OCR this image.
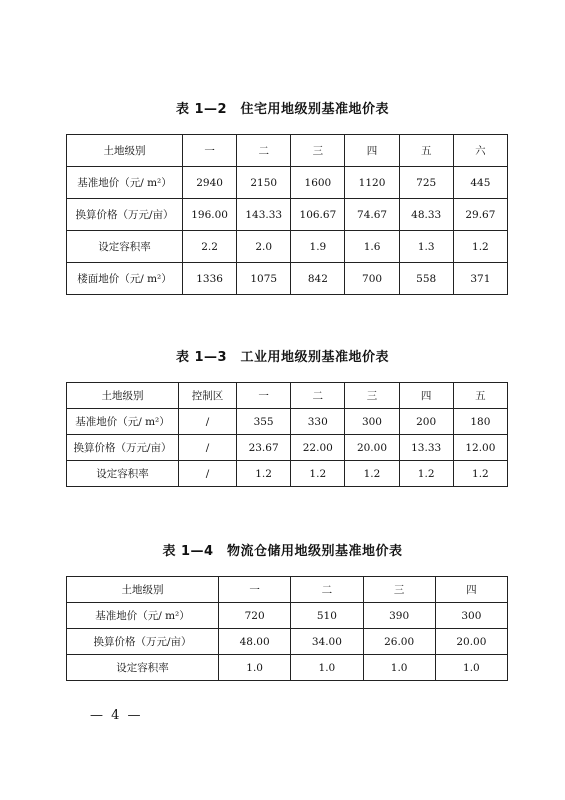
表 1—2　住宅用地级别基准地价表
土地级别	一	二	三	四	五	六
基准地价（元/ m²）	2940	2150	1600	1120	725	445
换算价格（万元/亩）	196.00	143.33	106.67	74.67	48.33	29.67
设定容积率	2.2	2.0	1.9	1.6	1.3	1.2
楼面地价（元/ m²）	1336	1075	842	700	558	371
表 1—3　工业用地级别基准地价表
土地级别	控制区	一	二	三	四	五
基准地价（元/ m²）	/	355	330	300	200	180
换算价格（万元/亩）	/	23.67	22.00	20.00	13.33	12.00
设定容积率	/	1.2	1.2	1.2	1.2	1.2
表 1—4　物流仓储用地级别基准地价表
土地级别	一	二	三	四
基准地价（元/ m²）	720	510	390	300
换算价格（万元/亩）	48.00	34.00	26.00	20.00
设定容积率	1.0	1.0	1.0	1.0
— 4 —
